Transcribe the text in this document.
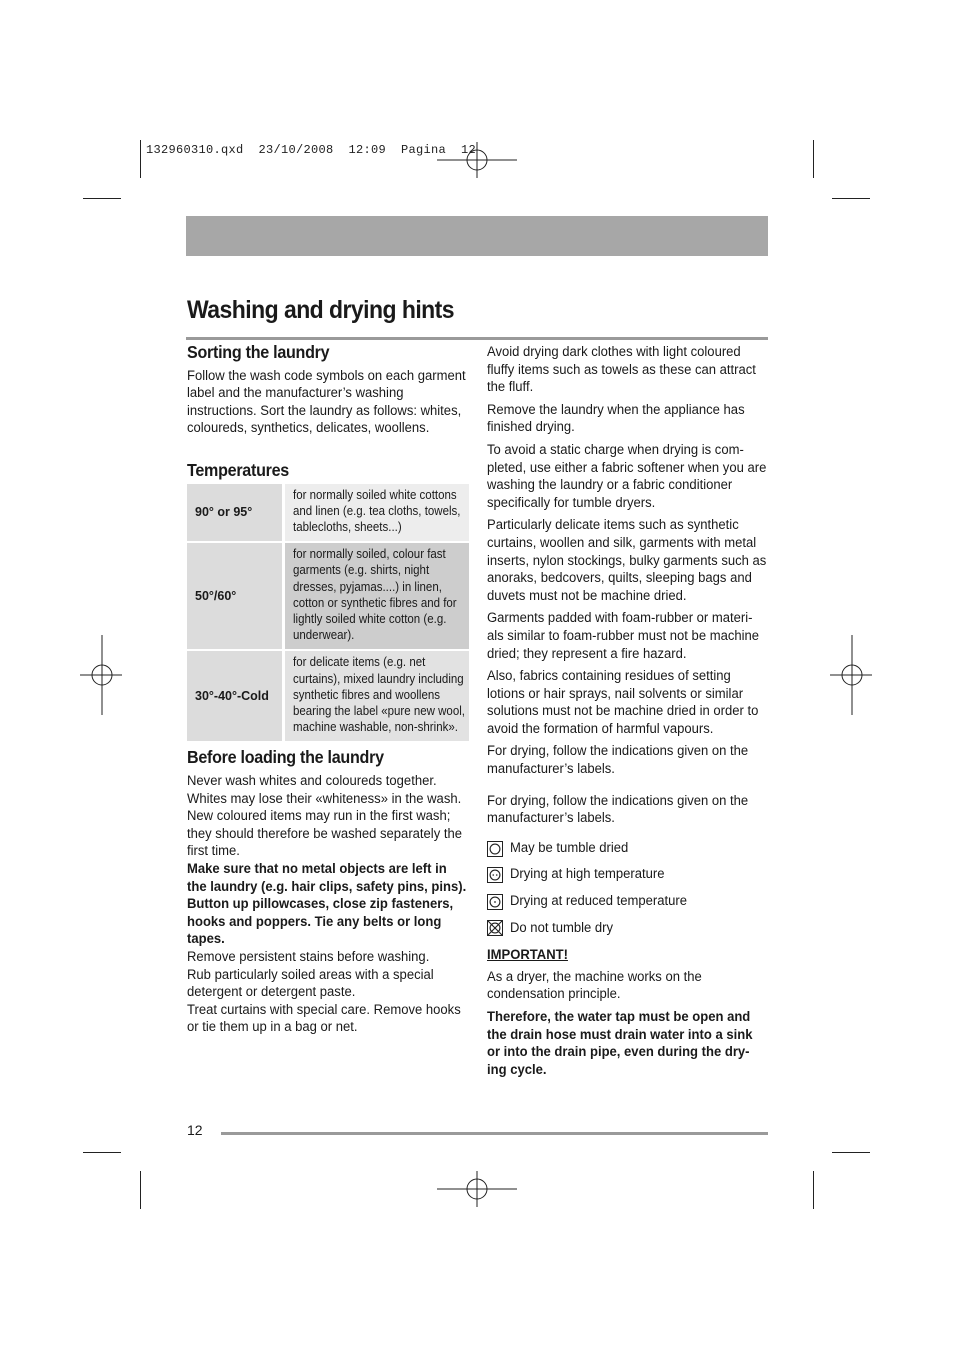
132960310.qxd  23/10/2008  12:09  Pagina  12
Washing and drying hints
Sorting the laundry

Follow the wash code symbols on each garment label and the manufacturer’s washing instructions. Sort the laundry as follows: whites, coloureds, synthetics, delicates, woollens.

Temperatures
90° or 95°		for normally soiled white cottons and linen (e.g. tea cloths, towels, tablecloths, sheets...)

50°/60°		for normally soiled, colour fast garments (e.g. shirts, night dresses, pyjamas....) in linen, cotton or synthetic fibres and for lightly soiled white cotton (e.g. underwear).

30°-40°-Cold		for delicate items (e.g. net curtains), mixed laundry including synthetic fibres and woollens bearing the label «pure new wool, machine washable, non-shrink».
Before loading the laundry

Never wash whites and coloureds together. Whites may lose their «whiteness» in the wash.

New coloured items may run in the first wash; they should therefore be washed separately the first time.

Make sure that no metal objects are left in the laundry (e.g. hair clips, safety pins, pins). Button up pillowcases, close zip fasteners, hooks and poppers. Tie any belts or long tapes.

Remove persistent stains before washing.

Rub particularly soiled areas with a special detergent or detergent paste.

Treat curtains with special care. Remove hooks or tie them up in a bag or net.

Avoid drying dark clothes with light coloured fluffy items such as towels as these can attract the fluff.

Remove the laundry when the appliance has finished drying.

To avoid a static charge when drying is com-pleted, use either a fabric softener when you are washing the laundry or a fabric conditioner specifically for tumble dryers.

Particularly delicate items such as synthetic curtains, woollen and silk, garments with metal inserts, nylon stockings, bulky garments such as anoraks, bedcovers, quilts, sleeping bags and duvets must not be machine dried.

Garments padded with foam-rubber or materi-als similar to foam-rubber must not be machine dried; they represent a fire hazard.

Also, fabrics containing residues of setting lotions or hair sprays, nail solvents or similar solutions must not be machine dried in order to avoid the formation of harmful vapours.

For drying, follow the indications given on the manufacturer’s labels.

For drying, follow the indications given on the manufacturer’s labels.

May be tumble dried
Drying at high temperature
Drying at reduced temperature
Do not tumble dry
IMPORTANT!

As a dryer, the machine works on the condensation principle.

Therefore, the water tap must be open and the drain hose must drain water into a sink or into the drain pipe, even during the dry-ing cycle.

12
